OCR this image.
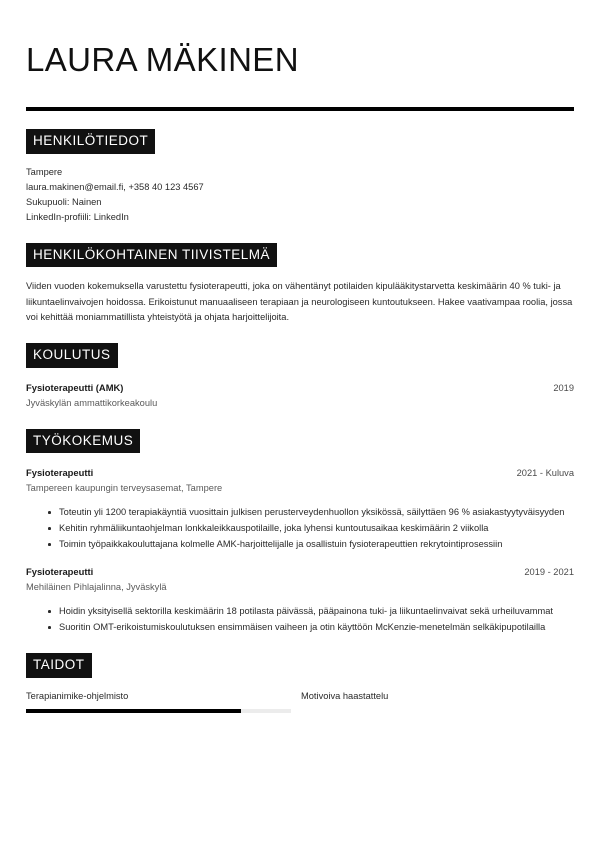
LAURA MÄKINEN
HENKILÖTIEDOT
Tampere
laura.makinen@email.fi, +358 40 123 4567
Sukupuoli: Nainen
LinkedIn-profiili: LinkedIn
HENKILÖKOHTAINEN TIIVISTELMÄ

Viiden vuoden kokemuksella varustettu fysioterapeutti, joka on vähentänyt potilaiden kipulääkitystarvetta keskimäärin 40 % tuki- ja liikuntaelinvaivojen hoidossa. Erikoistunut manuaaliseen terapiaan ja neurologiseen kuntoutukseen. Hakee vaativampaa roolia, jossa voi kehittää moniammatillista yhteistyötä ja ohjata harjoittelijoita.

KOULUTUS
Fysioterapeutti (AMK)	2019
Jyväskylän ammattikorkeakoulu
TYÖKOKEMUS
Fysioterapeutti	2021 - Kuluva
Tampereen kaupungin terveysasemat, Tampere
Toteutin yli 1200 terapiakäyntiä vuosittain julkisen perusterveydenhuollon yksikössä, säilyttäen 96 % asiakastyytyväisyyden
Kehitin ryhmäliikuntaohjelman lonkkaleikkauspotilaille, joka lyhensi kuntoutusaikaa keskimäärin 2 viikolla
Toimin työpaikkakouluttajana kolmelle AMK-harjoittelijalle ja osallistuin fysioterapeuttien rekrytointiprosessiin
Fysioterapeutti	2019 - 2021
Mehiläinen Pihlajalinna, Jyväskylä
Hoidin yksityisellä sektorilla keskimäärin 18 potilasta päivässä, pääpainona tuki- ja liikuntaelinvaivat sekä urheiluvammat
Suoritin OMT-erikoistumiskoulutuksen ensimmäisen vaiheen ja otin käyttöön McKenzie-menetelmän selkäkipupotilailla
TAIDOT
Terapianimike-ohjelmisto	Motivoiva haastattelu
